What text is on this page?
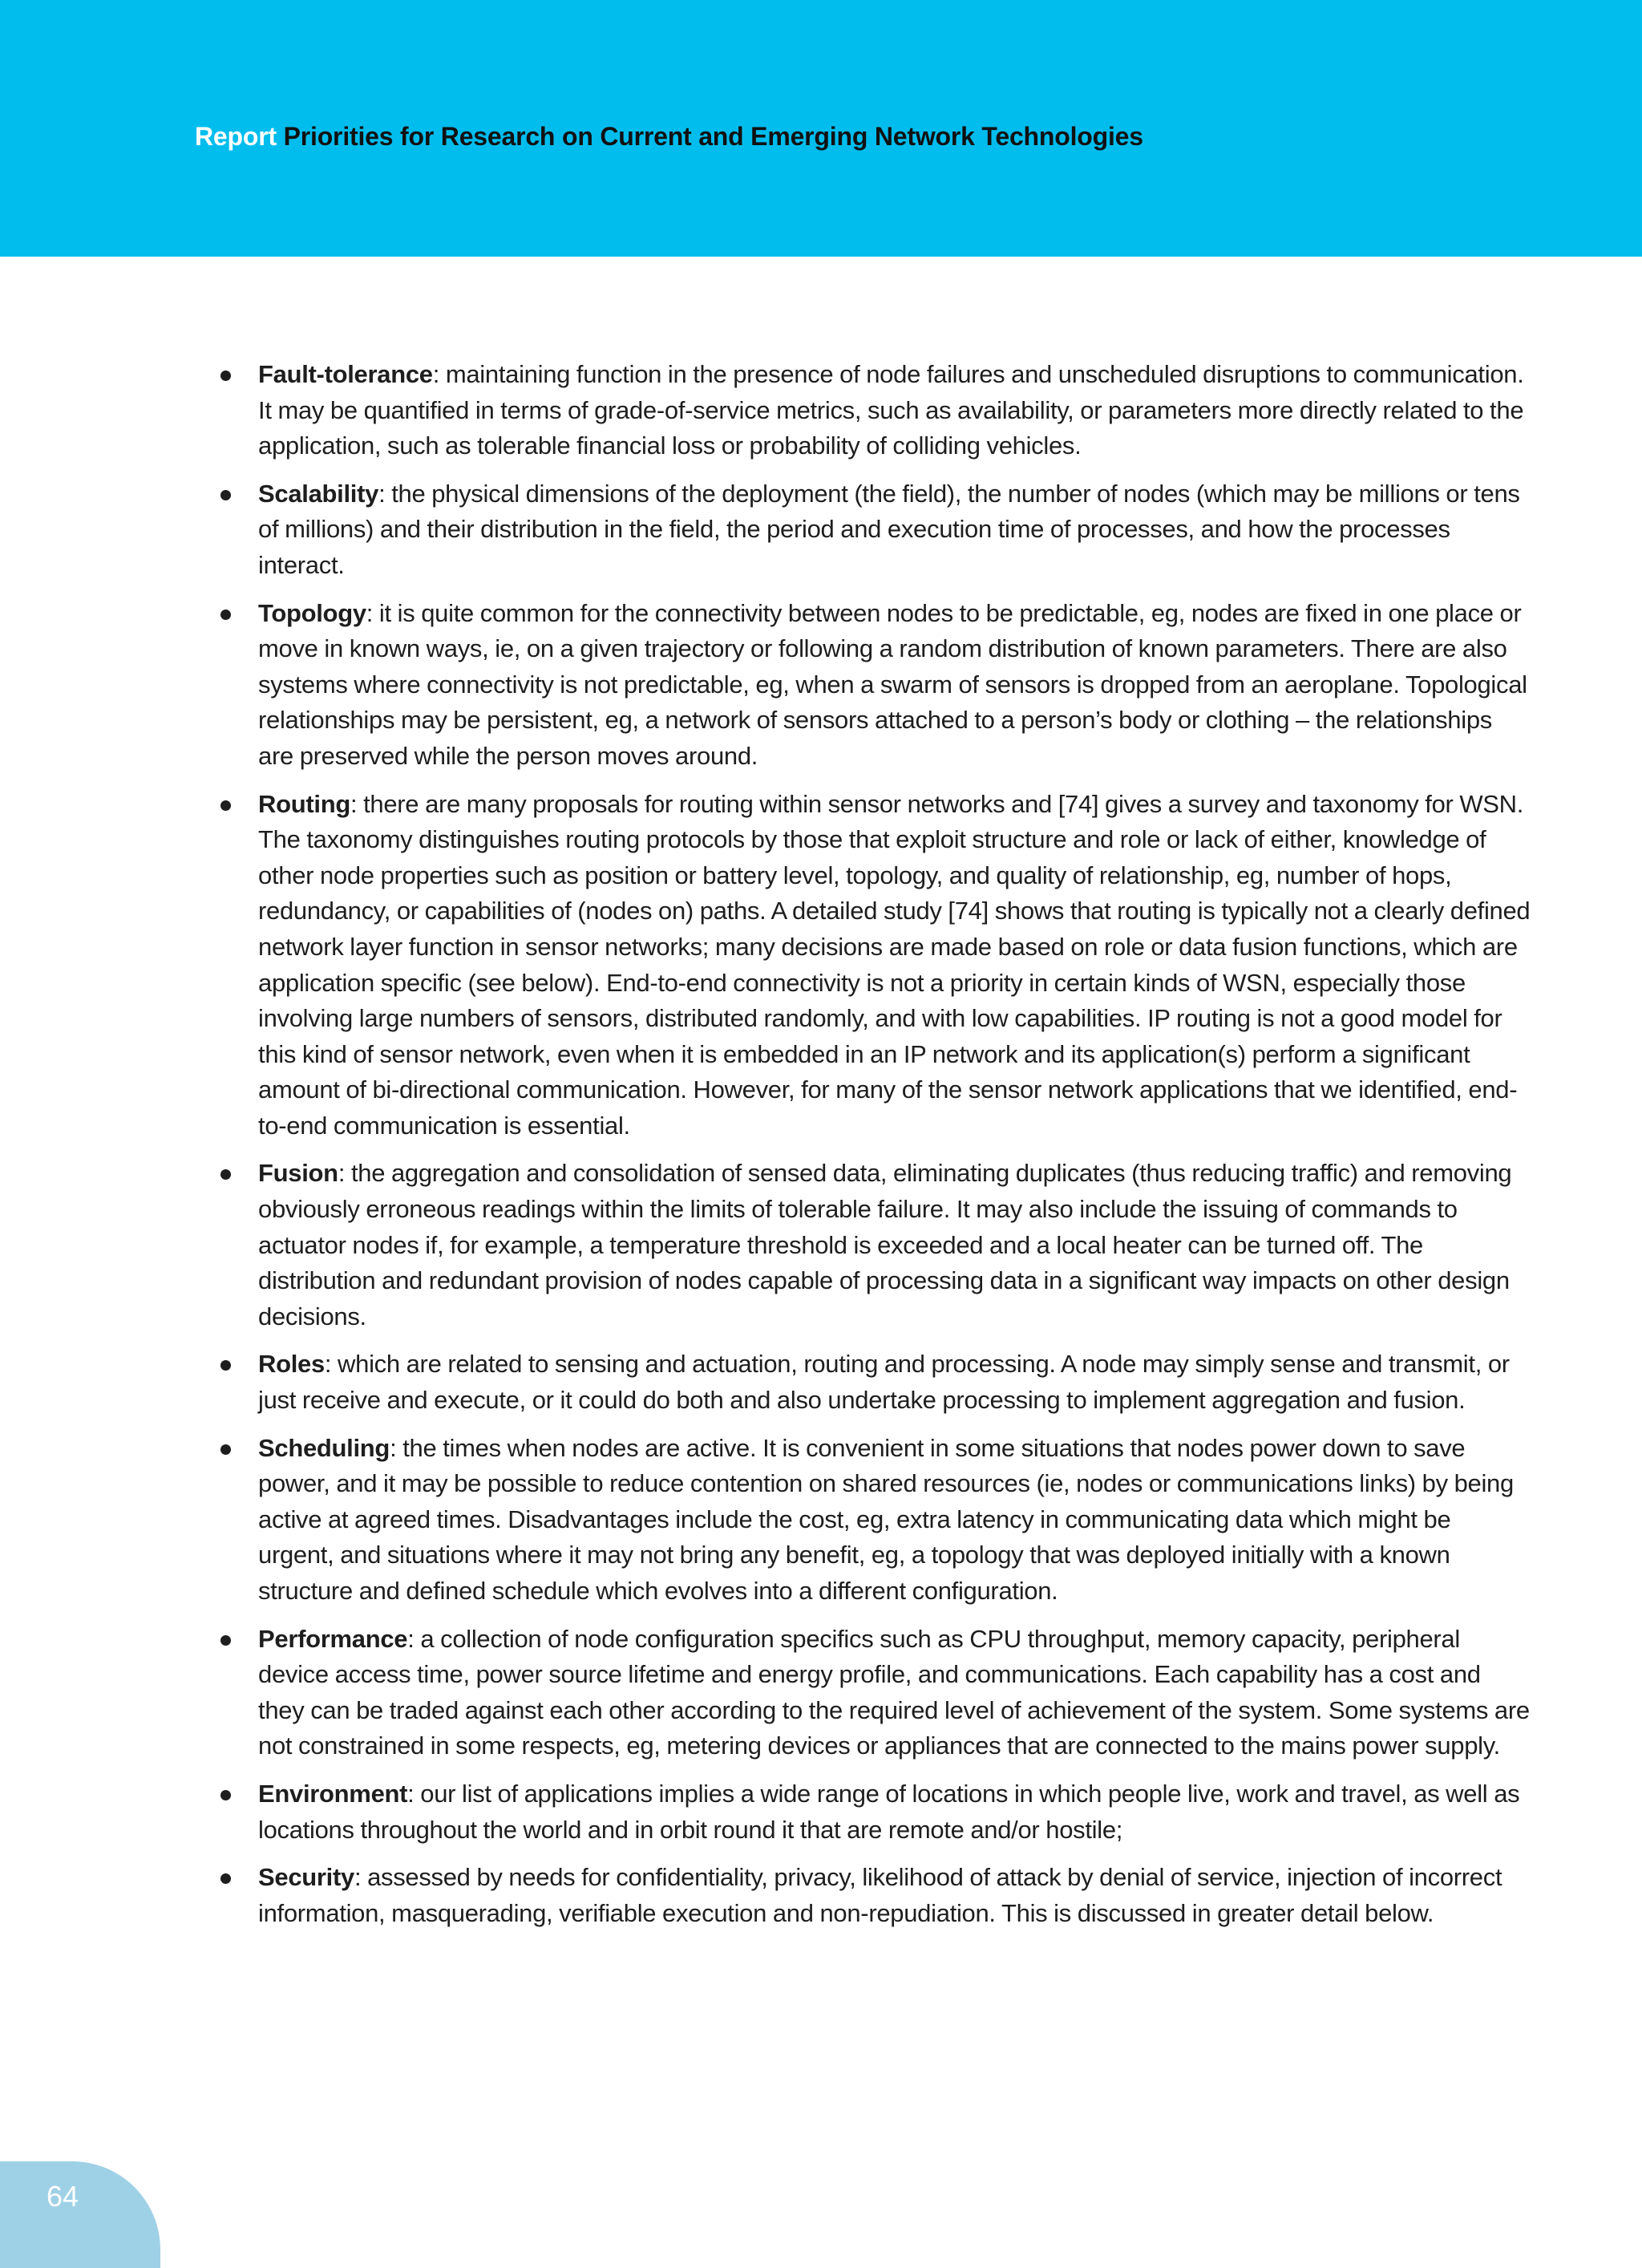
Report Priorities for Research on Current and Emerging Network Technologies
Fault-tolerance: maintaining function in the presence of node failures and unscheduled disruptions to communication. It may be quantified in terms of grade-of-service metrics, such as availability, or parameters more directly related to the application, such as tolerable financial loss or probability of colliding vehicles.
Scalability: the physical dimensions of the deployment (the field), the number of nodes (which may be millions or tens of millions) and their distribution in the field, the period and execution time of processes, and how the processes interact.
Topology: it is quite common for the connectivity between nodes to be predictable, eg, nodes are fixed in one place or move in known ways, ie, on a given trajectory or following a random distribution of known parameters. There are also systems where connectivity is not predictable, eg, when a swarm of sensors is dropped from an aeroplane. Topological relationships may be persistent, eg, a network of sensors attached to a person’s body or clothing – the relationships are preserved while the person moves around.
Routing: there are many proposals for routing within sensor networks and [74] gives a survey and taxonomy for WSN. The taxonomy distinguishes routing protocols by those that exploit structure and role or lack of either, knowledge of other node properties such as position or battery level, topology, and quality of relationship, eg, number of hops, redundancy, or capabilities of (nodes on) paths. A detailed study [74] shows that routing is typically not a clearly defined network layer function in sensor networks; many decisions are made based on role or data fusion functions, which are application specific (see below). End-to-end connectivity is not a priority in certain kinds of WSN, especially those involving large numbers of sensors, distributed randomly, and with low capabilities. IP routing is not a good model for this kind of sensor network, even when it is embedded in an IP network and its application(s) perform a significant amount of bi-directional communication. However, for many of the sensor network applications that we identified, end-to-end communication is essential.
Fusion: the aggregation and consolidation of sensed data, eliminating duplicates (thus reducing traffic) and removing obviously erroneous readings within the limits of tolerable failure. It may also include the issuing of commands to actuator nodes if, for example, a temperature threshold is exceeded and a local heater can be turned off. The distribution and redundant provision of nodes capable of processing data in a significant way impacts on other design decisions.
Roles: which are related to sensing and actuation, routing and processing. A node may simply sense and transmit, or just receive and execute, or it could do both and also undertake processing to implement aggregation and fusion.
Scheduling: the times when nodes are active. It is convenient in some situations that nodes power down to save power, and it may be possible to reduce contention on shared resources (ie, nodes or communications links) by being active at agreed times. Disadvantages include the cost, eg, extra latency in communicating data which might be urgent, and situations where it may not bring any benefit, eg, a topology that was deployed initially with a known structure and defined schedule which evolves into a different configuration.
Performance: a collection of node configuration specifics such as CPU throughput, memory capacity, peripheral device access time, power source lifetime and energy profile, and communications. Each capability has a cost and they can be traded against each other according to the required level of achievement of the system. Some systems are not constrained in some respects, eg, metering devices or appliances that are connected to the mains power supply.
Environment: our list of applications implies a wide range of locations in which people live, work and travel, as well as locations throughout the world and in orbit round it that are remote and/or hostile;
Security: assessed by needs for confidentiality, privacy, likelihood of attack by denial of service, injection of incorrect information, masquerading, verifiable execution and non-repudiation. This is discussed in greater detail below.
64
